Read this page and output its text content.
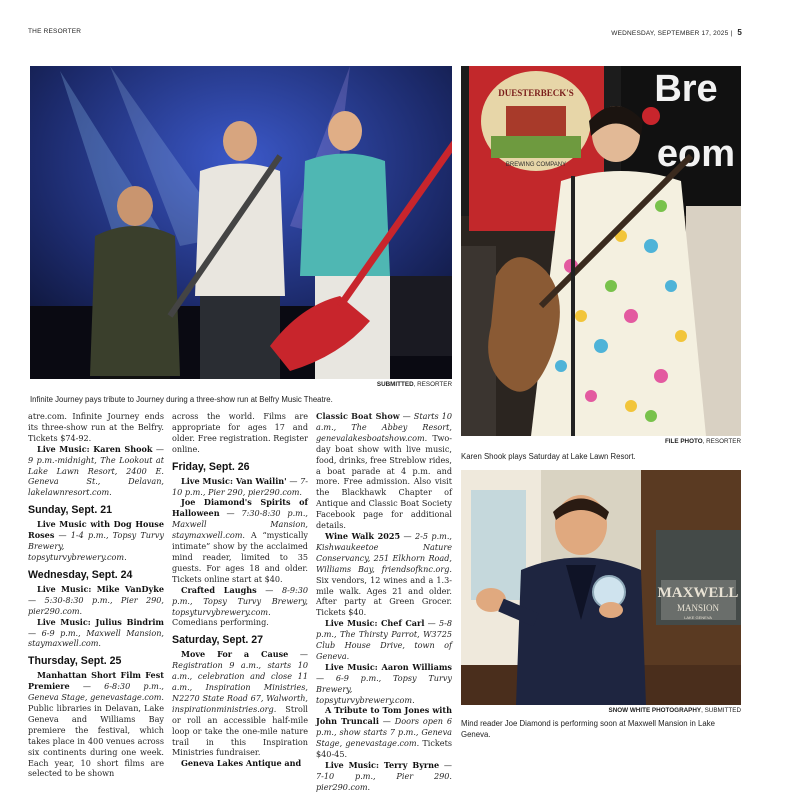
THE RESORTER	WEDNESDAY, SEPTEMBER 17, 2025 | 5
SUBMITTED, RESORTER
Infinite Journey pays tribute to Journey during a three-show run at Belfry Music Theatre.
DUESTERBECK'S
BREWING COMPANY
Bre
eom
FILE PHOTO, RESORTER
Karen Shook plays Saturday at Lake Lawn Resort.
MAXWELL
MANSION
LAKE GENEVA
SNOW WHITE PHOTOGRAPHY, SUBMITTED
Mind reader Joe Diamond is performing soon at Maxwell Mansion in Lake Geneva.

atre.com. Infinite Journey ends its three-show run at the Belfry. Tickets $74-92.

Live Music: Karen Shook — 9 p.m.-midnight, The Lookout at Lake Lawn Resort, 2400 E. Geneva St., Delavan, lakelawnresort.com.

Sunday, Sept. 21

Live Music with Dog House Roses — 1-4 p.m., Topsy Turvy Brewery, topsyturvybrewery.com.

Wednesday, Sept. 24

Live Music: Mike VanDyke — 5:30-8:30 p.m., Pier 290, pier290.com.

Live Music: Julius Bindrim — 6-9 p.m., Maxwell Mansion, staymaxwell.com.

Thursday, Sept. 25

Manhattan Short Film Fest Premiere — 6-8:30 p.m., Geneva Stage, genevastage.com. Public libraries in Delavan, Lake Geneva and Williams Bay premiere the festival, which takes place in 400 venues across six continents during one week. Each year, 10 short films are selected to be shown

across the world. Films are appropriate for ages 17 and older. Free registration. Register online.

Friday, Sept. 26

Live Music: Van Wailin' — 7-10 p.m., Pier 290, pier290.com.

Joe Diamond's Spirits of Halloween — 7:30-8:30 p.m., Maxwell Mansion, staymaxwell.com. A “mystically intimate” show by the acclaimed mind reader, limited to 35 guests. For ages 18 and older. Tickets online start at $40.

Crafted Laughs — 8-9:30 p.m., Topsy Turvy Brewery, topsyturvybrewery.com. Comedians performing.

Saturday, Sept. 27

Move For a Cause — Registration 9 a.m., starts 10 a.m., celebration and close 11 a.m., Inspiration Ministries, N2270 State Road 67, Walworth, inspirationministries.org. Stroll or roll an accessible half-mile loop or take the one-mile nature trail in this Inspiration Ministries fundraiser.

Geneva Lakes Antique and

Classic Boat Show — Starts 10 a.m., The Abbey Resort, genevalakesboatshow.com. Two-day boat show with live music, food, drinks, free Streblow rides, a boat parade at 4 p.m. and more. Free admission. Also visit the Blackhawk Chapter of Antique and Classic Boat Society Facebook page for additional details.

Wine Walk 2025 — 2-5 p.m., Kishwaukeetoe Nature Conservancy, 251 Elkhorn Road, Williams Bay, friendsofknc.org. Six vendors, 12 wines and a 1.3-mile walk. Ages 21 and older. After party at Green Grocer. Tickets $40.

Live Music: Chef Carl — 5-8 p.m., The Thirsty Parrot, W3725 Club House Drive, town of Geneva.

Live Music: Aaron Williams — 6-9 p.m., Topsy Turvy Brewery, topsyturvybrewery.com.

A Tribute to Tom Jones with John Truncali — Doors open 6 p.m., show starts 7 p.m., Geneva Stage, genevastage.com. Tickets $40-45.

Live Music: Terry Byrne — 7-10 p.m., Pier 290. pier290.com.
